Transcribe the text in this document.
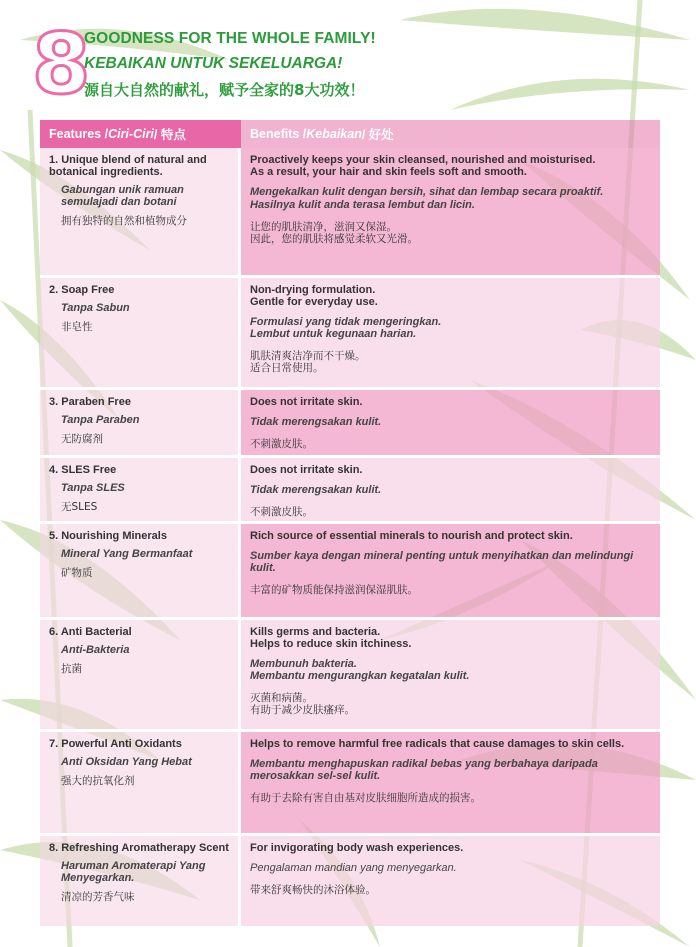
8
GOODNESS FOR THE WHOLE FAMILY!
KEBAIKAN UNTUK SEKELUARGA!
源自大自然的献礼，赋予全家的8大功效！
Features / Ciri-Ciri / 特点	Benefits / Kebaikan / 好处
1. Unique blend of natural and botanical ingredients.
Gabungan unik ramuan semulajadi dan botani
拥有独特的自然和植物成分
Proactively keeps your skin cleansed, nourished and moisturised.
As a result, your hair and skin feels soft and smooth.
Mengekalkan kulit dengan bersih, sihat dan lembap secara proaktif.
Hasilnya kulit anda terasa lembut dan licin.
让您的肌肤清净，滋润又保湿。
因此，您的肌肤将感觉柔软又光滑。
2. Soap Free
Tanpa Sabun
非皂性
Non-drying formulation.
Gentle for everyday use.
Formulasi yang tidak mengeringkan.
Lembut untuk kegunaan harian.
肌肤清爽洁净而不干燥。
适合日常使用。
3. Paraben Free
Tanpa Paraben
无防腐剂
Does not irritate skin.
Tidak merengsakan kulit.
不刺激皮肤。
4. SLES Free
Tanpa SLES
无SLES
Does not irritate skin.
Tidak merengsakan kulit.
不刺激皮肤。
5. Nourishing Minerals
Mineral Yang Bermanfaat
矿物质
Rich source of essential minerals to nourish and protect skin.
Sumber kaya dengan mineral penting untuk menyihatkan dan melindungi kulit.
丰富的矿物质能保持滋润保湿肌肤。
6. Anti Bacterial
Anti-Bakteria
抗菌
Kills germs and bacteria.
Helps to reduce skin itchiness.
Membunuh bakteria.
Membantu mengurangkan kegatalan kulit.
灭菌和病菌。
有助于减少皮肤瘙痒。
7. Powerful Anti Oxidants
Anti Oksidan Yang Hebat
强大的抗氧化剂
Helps to remove harmful free radicals that cause damages to skin cells.
Membantu menghapuskan radikal bebas yang berbahaya daripada merosakkan sel-sel kulit.
有助于去除有害自由基对皮肤细胞所造成的损害。
8. Refreshing Aromatherapy Scent
Haruman Aromaterapi Yang Menyegarkan.
清凉的芳香气味
For invigorating body wash experiences.
Pengalaman mandian yang menyegarkan.
带来舒爽畅快的沐浴体验。
